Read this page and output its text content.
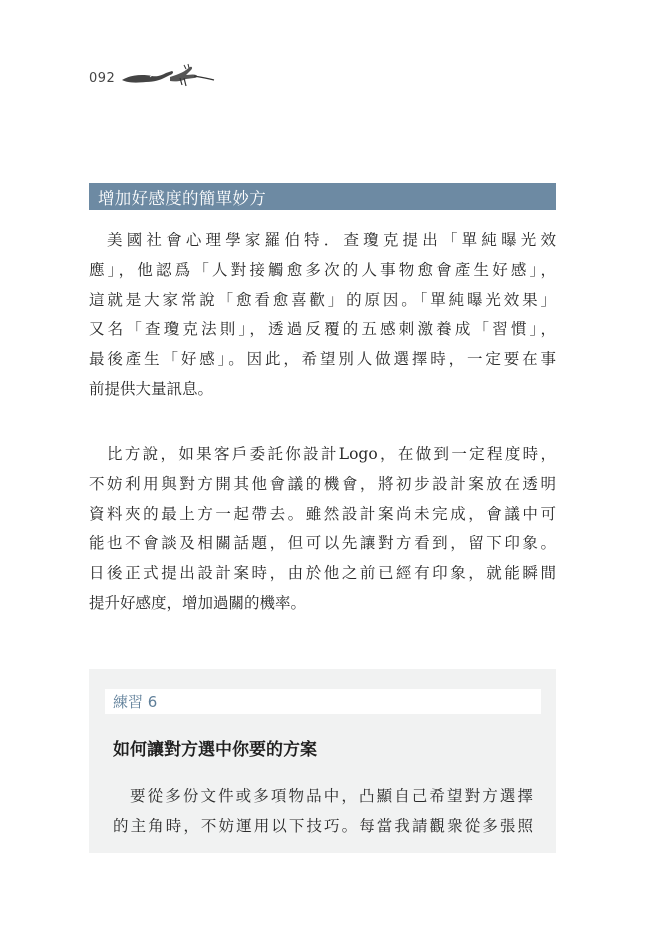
092
增加好感度的簡單妙方
美國社會心理學家羅伯特．查瓊克提出「單純曝光效
應」，他認爲「人對接觸愈多次的人事物愈會產生好感」，
這就是大家常說「愈看愈喜歡」的原因。「單純曝光效果」
又名「查瓊克法則」，透過反覆的五感刺激養成「習慣」，
最後產生「好感」。因此，希望別人做選擇時，一定要在事
前提供大量訊息。
比方說，如果客戶委託你設計Logo，在做到一定程度時，
不妨利用與對方開其他會議的機會，將初步設計案放在透明
資料夾的最上方一起帶去。雖然設計案尚未完成，會議中可
能也不會談及相關話題，但可以先讓對方看到，留下印象。
日後正式提出設計案時，由於他之前已經有印象，就能瞬間
提升好感度，增加過關的機率。
練習 6
如何讓對方選中你要的方案
要從多份文件或多項物品中，凸顯自己希望對方選擇
的主角時，不妨運用以下技巧。每當我請觀衆從多張照
